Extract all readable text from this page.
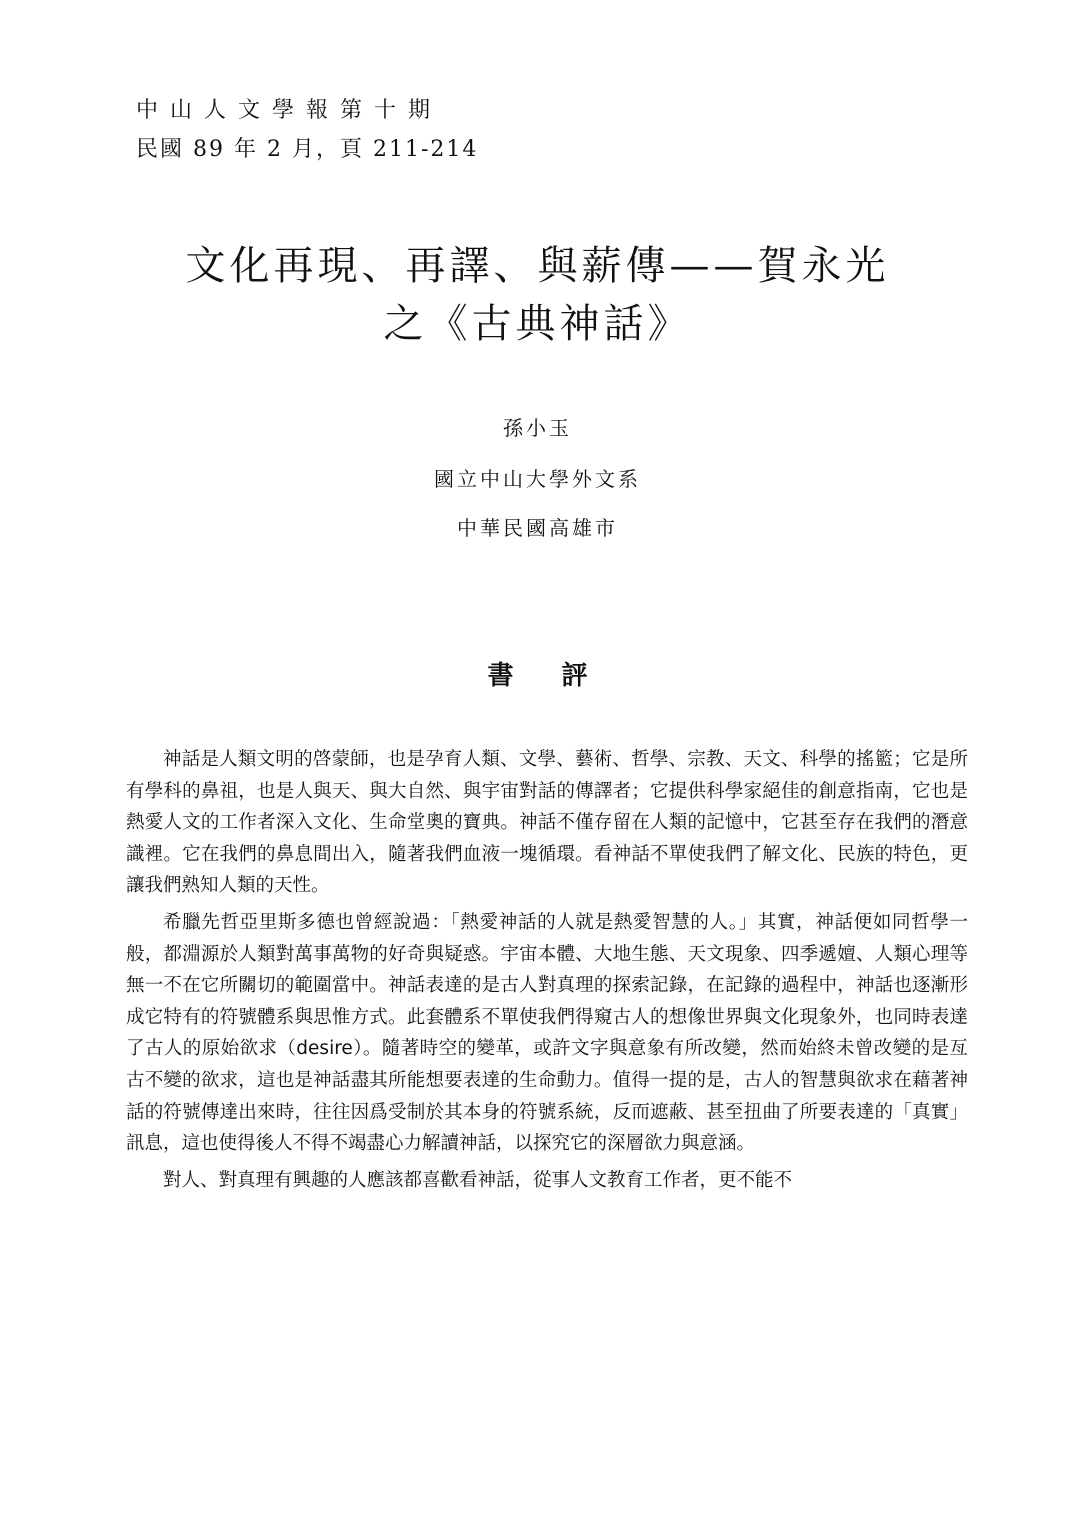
中山人文學報第十期
民國 89 年 2 月，頁 211-214
文化再現、再譯、與薪傳——賀永光
之《古典神話》
孫小玉
國立中山大學外文系
中華民國高雄市
書評

神話是人類文明的啓蒙師，也是孕育人類、文學、藝術、哲學、宗教、天文、科學的搖籃；它是所有學科的鼻祖，也是人與天、與大自然、與宇宙對話的傳譯者；它提供科學家絕佳的創意指南，它也是熱愛人文的工作者深入文化、生命堂奧的寶典。神話不僅存留在人類的記憶中，它甚至存在我們的潛意識裡。它在我們的鼻息間出入，隨著我們血液一塊循環。看神話不單使我們了解文化、民族的特色，更讓我們熟知人類的天性。

希臘先哲亞里斯多德也曾經說過：「熱愛神話的人就是熱愛智慧的人。」其實，神話便如同哲學一般，都淵源於人類對萬事萬物的好奇與疑惑。宇宙本體、大地生態、天文現象、四季遞嬗、人類心理等無一不在它所關切的範圍當中。神話表達的是古人對真理的探索記錄，在記錄的過程中，神話也逐漸形成它特有的符號體系與思惟方式。此套體系不單使我們得窺古人的想像世界與文化現象外，也同時表達了古人的原始欲求（desire）。隨著時空的變革，或許文字與意象有所改變，然而始終未曾改變的是亙古不變的欲求，這也是神話盡其所能想要表達的生命動力。值得一提的是，古人的智慧與欲求在藉著神話的符號傳達出來時，往往因爲受制於其本身的符號系統，反而遮蔽、甚至扭曲了所要表達的「真實」訊息，這也使得後人不得不竭盡心力解讀神話，以探究它的深層欲力與意涵。

對人、對真理有興趣的人應該都喜歡看神話，從事人文教育工作者，更不能不
